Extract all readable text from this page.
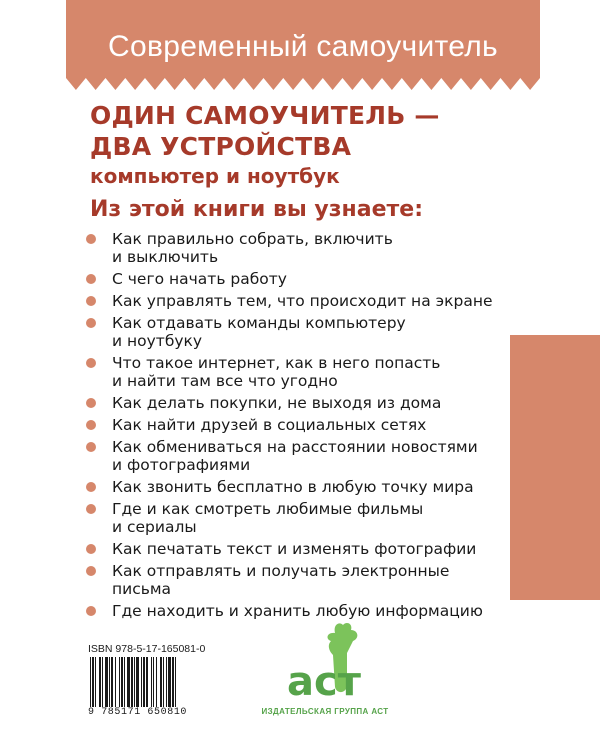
Современный самоучитель
ОДИН САМОУЧИТЕЛЬ —
ДВА УСТРОЙСТВА
компьютер и ноутбук
Из этой книги вы узнаете:
Как правильно собрать, включить
и выключить
С чего начать работу
Как управлять тем, что происходит на экране
Как отдавать команды компьютеру
и ноутбуку
Что такое интернет, как в него попасть
и найти там все что угодно
Как делать покупки, не выходя из дома
Как найти друзей в социальных сетях
Как обмениваться на расстоянии новостями
и фотографиями
Как звонить бесплатно в любую точку мира
Где и как смотреть любимые фильмы
и сериалы
Как печатать текст и изменять фотографии
Как отправлять и получать электронные
письма
Где находить и хранить любую информацию
ISBN 978-5-17-165081-0
9 785171 650810
аст
ИЗДАТЕЛЬСКАЯ ГРУППА АСТ
